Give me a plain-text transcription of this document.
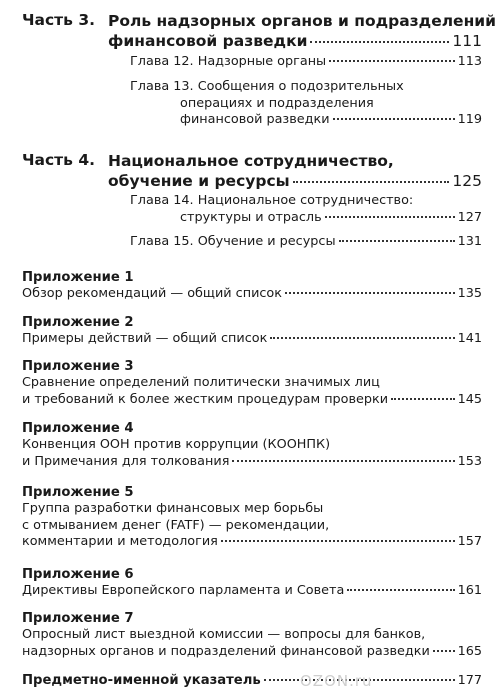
Часть 3. Роль надзорных органов и подразделений
финансовой разведки	111
Глава 12. Надзорные органы	113
Глава 13. Сообщения о подозрительных
операциях и подразделения
финансовой разведки	119
Часть 4. Национальное сотрудничество,
обучение и ресурсы	125
Глава 14. Национальное сотрудничество:
структуры и отрасль	127
Глава 15. Обучение и ресурсы	131
Приложение 1
Обзор рекомендаций — общий список	135
Приложение 2
Примеры действий — общий список	141
Приложение 3
Сравнение определений политически значимых лиц
и требований к более жестким процедурам проверки	145
Приложение 4
Конвенция ООН против коррупции (КООНПК)
и Примечания для толкования	153
Приложение 5
Группа разработки финансовых мер борьбы
с отмыванием денег (FATF) — рекомендации,
комментарии и методология	157
Приложение 6
Директивы Европейского парламента и Совета	161
Приложение 7
Опросный лист выездной комиссии — вопросы для банков,
надзорных органов и подразделений финансовой разведки 165
Предметно-именной указатель	177
OZON.ru
